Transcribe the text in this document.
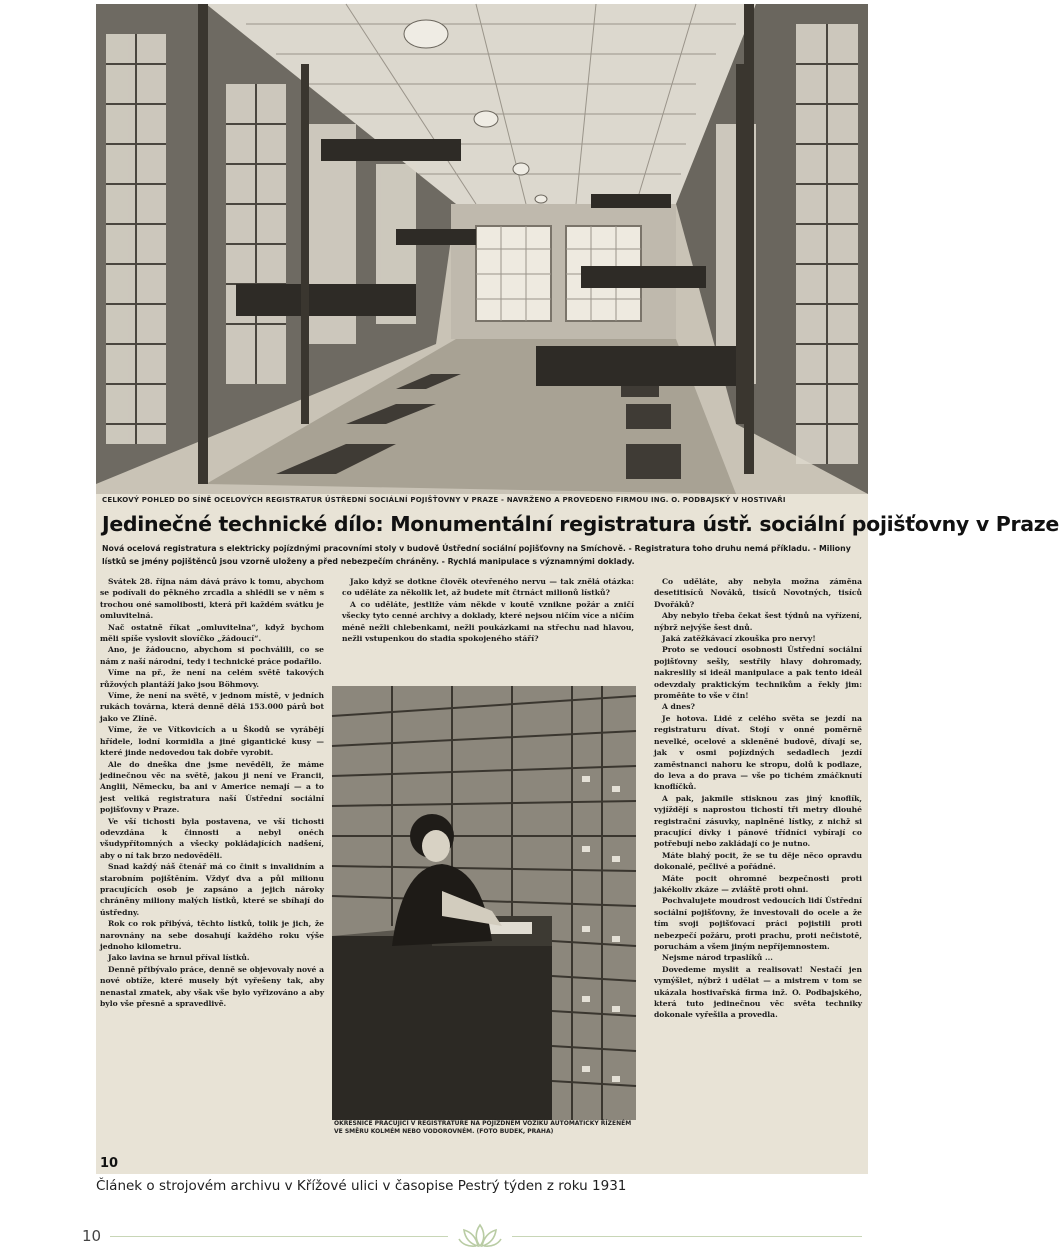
CELKOVÝ POHLED DO SÍNĚ OCELOVÝCH REGISTRATUR ÚSTŘEDNÍ SOCIÁLNÍ POJIŠŤOVNY V PRAZE - NAVRŽENO A PROVEDENO FIRMOU ING. O. PODBAJSKÝ V HOSTIVAŘI
Jedinečné technické dílo: Monumentální registratura ústř. sociální pojišťovny v Praze
Nová ocelová registratura s elektricky pojízdnými pracovními stoly v budově Ústřední sociální pojišťovny na Smíchově. - Registratura toho druhu nemá příkladu. - Miliony lístků se jmény pojištěnců jsou vzorně uloženy a před nebezpečím chráněny. - Rychlá manipulace s významnými doklady.

Svátek 28. října nám dává právo k tomu, abychom se podívali do pěkného zrcadla a shlédli se v něm s trochou oné samolibosti, která při každém svátku je omluvitelná.

Nač ostatně říkat „omluvitelna“, když bychom měli spíše vyslovit slovíčko „žádoucí“.

Ano, je žádoucno, abychom si pochválili, co se nám z naší národní, tedy i technické práce podařilo.

Víme na př., že není na celém světě takových růžových plantáží jako jsou Böhmovy.

Víme, že není na světě, v jednom místě, v jedních rukách továrna, která denně dělá 153.000 párů bot jako ve Zlíně.

Víme, že ve Vítkovicích a u Škodů se vyrábějí hřídele, lodní kormidla a jiné gigantické kusy — které jinde nedovedou tak dobře vyrobit.

Ale do dneška dne jsme nevěděli, že máme jedinečnou věc na světě, jakou ji není ve Francii, Anglii, Německu, ba ani v Americe nemají — a to jest veliká registratura naší Ústřední sociální pojišťovny v Praze.

Ve vší tichosti byla postavena, ve vší tichosti odevzdána k činnosti a nebyl onéch všudypřítomných a všecky pokládajících nadšení, aby o ní tak brzo nedověděli.

Snad každý náš čtenář má co činit s invalidním a starobním pojištěním. Vždyť dva a půl milionu pracujících osob je zapsáno a jejich nároky chráněny miliony malých lístků, které se sbíhají do ústředny.

Rok co rok přibývá, těchto lístků, tolik je jich, že narovnány na sebe dosahují každého roku výše jednoho kilometru.

Jako lavina se hrnul příval lístků.

Denně přibývalo práce, denně se objevovaly nové a nové obtíže, které musely být vyřešeny tak, aby nenastal zmatek, aby však vše bylo vyřizováno a aby bylo vše přesně a spravedlivě.

Jako když se dotkne člověk otevřeného nervu — tak znělá otázka: co uděláte za několik let, až budete mít čtrnáct milionů lístků?

A co uděláte, jestliže vám někde v koutě vznikne požár a zničí všecky tyto cenné archivy a doklady, které nejsou ničím více a ničím méně nežli chlebenkami, nežli poukázkami na střechu nad hlavou, nežli vstupenkou do stadia spokojeného stáří?

OKRESNICE PRACUJÍCÍ V REGISTRATUŘE NA POJÍZDNÉM VOZÍKU AUTOMATICKY ŘÍZENÉM VE SMĚRU KOLMÉM NEBO VODOROVNÉM. (FOTO BUDEK, PRAHA)

Co uděláte, aby nebyla možna záměna desetitisíců Nováků, tisíců Novotných, tisíců Dvořáků?

Aby nebylo třeba čekat šest týdnů na vyřízení, nýbrž nejvýše šest dnů.

Jaká zatěžkávací zkouška pro nervy!

Proto se vedoucí osobnosti Ústřední sociální pojišťovny sešly, sestřily hlavy dohromady, nakreslily si ideál manipulace a pak tento ideál odevzdaly praktickým technikům a řekly jim: proměňte to vše v čin!

A dnes?

Je hotova. Lidé z celého světa se jezdí na registraturu dívat. Stojí v onné poměrně nevelké, ocelové a skleněné budově, dívají se, jak v osmi pojízdných sedadlech jezdí zaměstnanci nahoru ke stropu, dolů k podlaze, do leva a do prava — vše po tichém zmáčknutí knoflíčků.

A pak, jakmile stisknou zas jiný knoflík, vyjíždějí s naprostou tichostí tři metry dlouhé registrační zásuvky, naplněné lístky, z nichž si pracující dívky i pánové třídníci vybírají co potřebují nebo zakládají co je nutno.

Máte blahý pocit, že se tu děje něco opravdu dokonalé, pečlivé a pořádné.

Máte pocit ohromné bezpečnosti proti jakékoliv zkáze — zvláště proti ohni.

Pochvalujete moudrost vedoucích lidí Ústřední sociální pojišťovny, že investovali do ocele a že tím svoji pojišťovací práci pojistili proti nebezpečí požáru, proti prachu, proti nečistotě, poruchám a všem jiným nepříjemnostem.

Nejsme národ trpaslíků ...

Dovedeme myslit a realisovat! Nestačí jen vymýšlet, nýbrž i udělat — a mistrem v tom se ukázala hostivařská firma inž. O. Podbajského, která tuto jedinečnou věc světa techniky dokonale vyřešila a provedla.

10
Článek o strojovém archivu v Křížové ulici v časopise Pestrý týden z roku 1931
10
